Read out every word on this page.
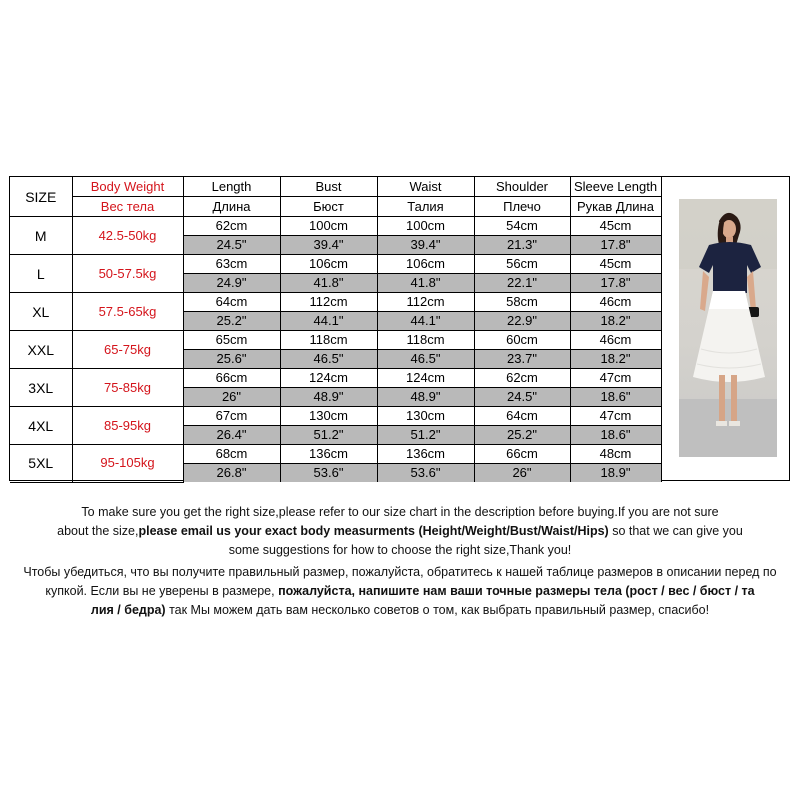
SIZE	Body Weight	Length	Bust	Waist	Shoulder	Sleeve Length
	Вес тела	Длина	Бюст	Талия	Плечо	Рукав Длина
M	42.5-50kg	62cm	100cm	100cm	54cm	45cm
		24.5"	39.4"	39.4"	21.3"	17.8"
L	50-57.5kg	63cm	106cm	106cm	56cm	45cm
		24.9"	41.8"	41.8"	22.1"	17.8"
XL	57.5-65kg	64cm	112cm	112cm	58cm	46cm
		25.2"	44.1"	44.1"	22.9"	18.2"
XXL	65-75kg	65cm	118cm	118cm	60cm	46cm
		25.6"	46.5"	46.5"	23.7"	18.2"
3XL	75-85kg	66cm	124cm	124cm	62cm	47cm
		26"	48.9"	48.9"	24.5"	18.6"
4XL	85-95kg	67cm	130cm	130cm	64cm	47cm
		26.4"	51.2"	51.2"	25.2"	18.6"
5XL	95-105kg	68cm	136cm	136cm	66cm	48cm
		26.8"	53.6"	53.6"	26"	18.9"

To make sure you get the right size,please refer to our size chart in the description before buying.If you are not sure
about the size,please email us your exact body measurments (Height/Weight/Bust/Waist/Hips) so that we can give you
some suggestions for how to choose the right size,Thank you!

Чтобы убедиться, что вы получите правильный размер, пожалуйста, обратитесь к нашей таблице размеров в описании перед по
купкой. Если вы не уверены в размере, пожалуйста, напишите нам ваши точные размеры тела (рост / вес / бюст / та
лия / бедра) так Мы можем дать вам несколько советов о том, как выбрать правильный размер, спасибо!
